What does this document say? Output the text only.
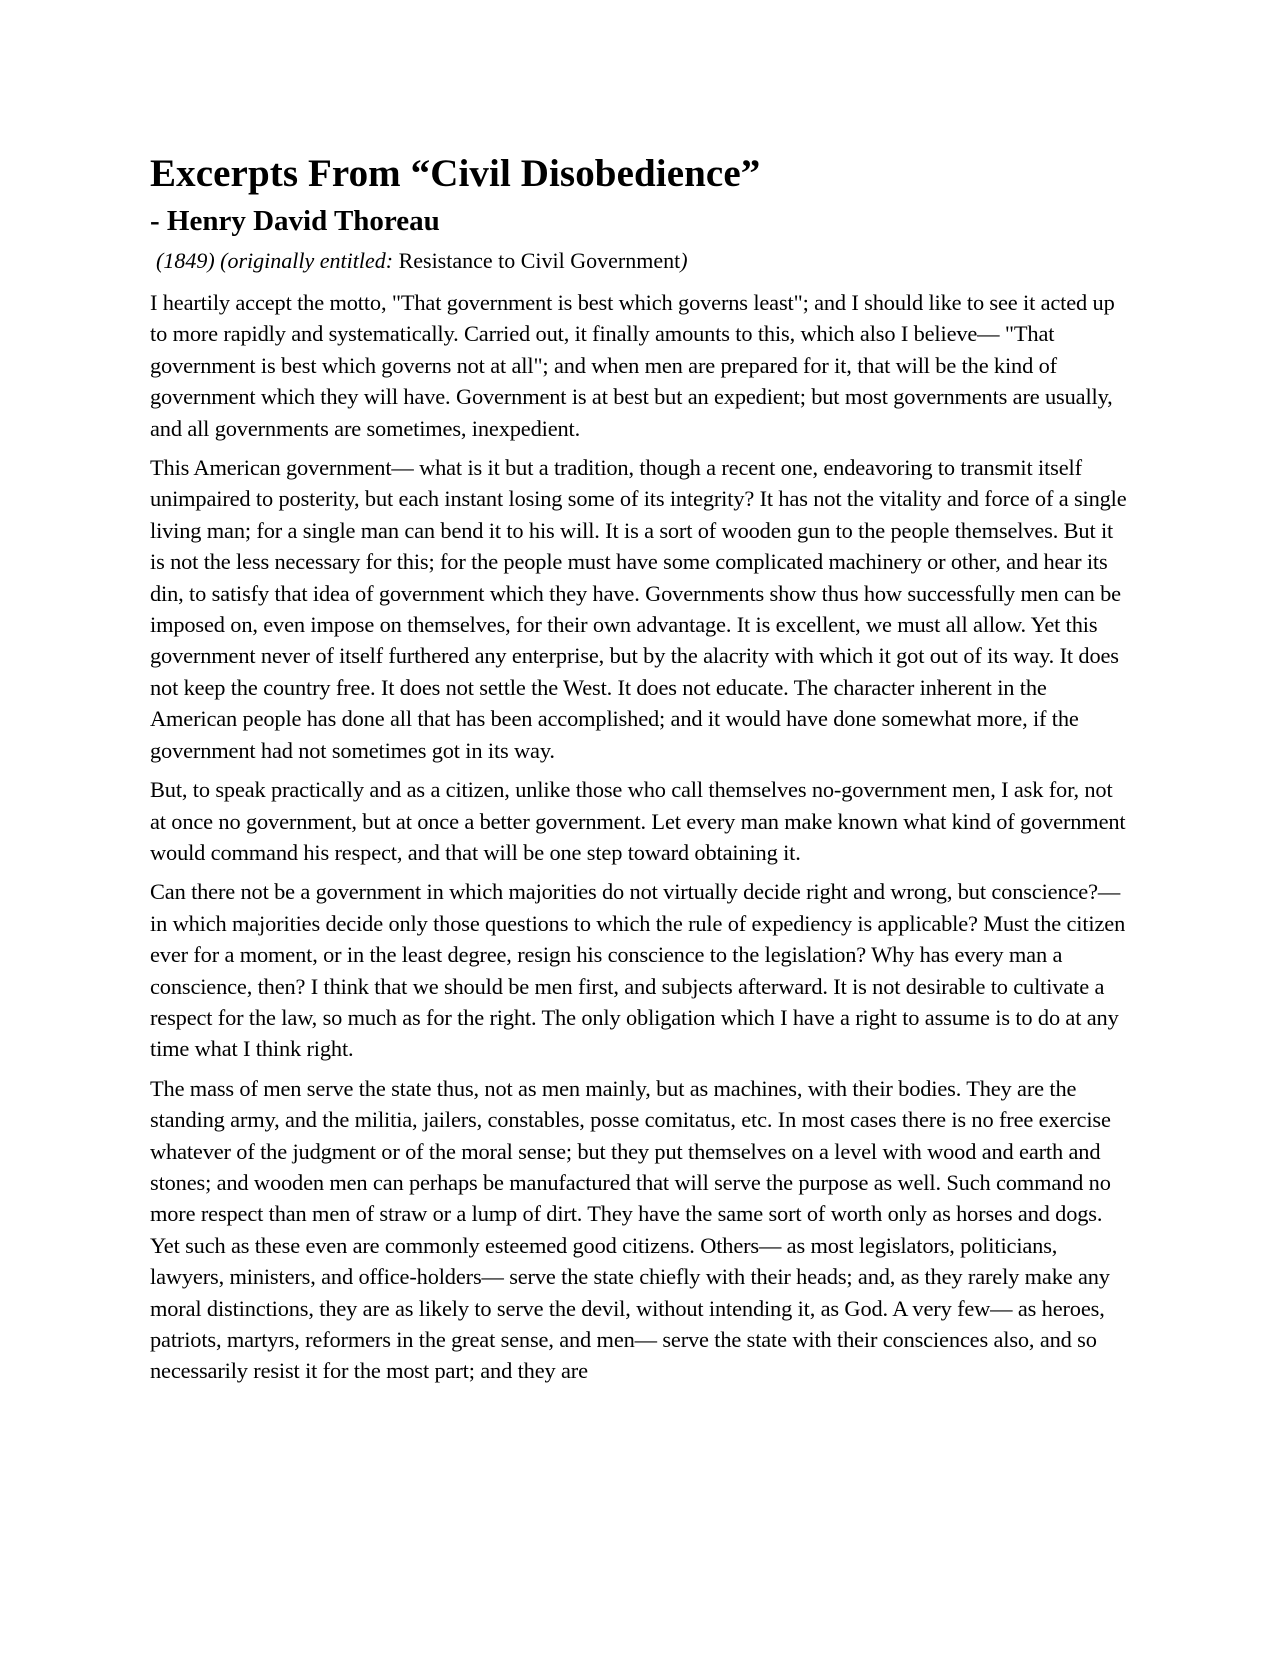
Excerpts From “Civil Disobedience”
- Henry David Thoreau

(1849) (originally entitled: Resistance to Civil Government)

I heartily accept the motto, "That government is best which governs least"; and I should like to see it acted up to more rapidly and systematically. Carried out, it finally amounts to this, which also I believe— "That government is best which governs not at all"; and when men are prepared for it, that will be the kind of government which they will have. Government is at best but an expedient; but most governments are usually, and all governments are sometimes, inexpedient.

This American government— what is it but a tradition, though a recent one, endeavoring to transmit itself unimpaired to posterity, but each instant losing some of its integrity? It has not the vitality and force of a single living man; for a single man can bend it to his will. It is a sort of wooden gun to the people themselves. But it is not the less necessary for this; for the people must have some complicated machinery or other, and hear its din, to satisfy that idea of government which they have. Governments show thus how successfully men can be imposed on, even impose on themselves, for their own advantage. It is excellent, we must all allow. Yet this government never of itself furthered any enterprise, but by the alacrity with which it got out of its way. It does not keep the country free. It does not settle the West. It does not educate. The character inherent in the American people has done all that has been accomplished; and it would have done somewhat more, if the government had not sometimes got in its way.

But, to speak practically and as a citizen, unlike those who call themselves no-government men, I ask for, not at once no government, but at once a better government. Let every man make known what kind of government would command his respect, and that will be one step toward obtaining it.

Can there not be a government in which majorities do not virtually decide right and wrong, but conscience?— in which majorities decide only those questions to which the rule of expediency is applicable? Must the citizen ever for a moment, or in the least degree, resign his conscience to the legislation? Why has every man a conscience, then? I think that we should be men first, and subjects afterward. It is not desirable to cultivate a respect for the law, so much as for the right. The only obligation which I have a right to assume is to do at any time what I think right.

The mass of men serve the state thus, not as men mainly, but as machines, with their bodies. They are the standing army, and the militia, jailers, constables, posse comitatus, etc. In most cases there is no free exercise whatever of the judgment or of the moral sense; but they put themselves on a level with wood and earth and stones; and wooden men can perhaps be manufactured that will serve the purpose as well. Such command no more respect than men of straw or a lump of dirt. They have the same sort of worth only as horses and dogs. Yet such as these even are commonly esteemed good citizens. Others— as most legislators, politicians, lawyers, ministers, and office-holders— serve the state chiefly with their heads; and, as they rarely make any moral distinctions, they are as likely to serve the devil, without intending it, as God. A very few— as heroes, patriots, martyrs, reformers in the great sense, and men— serve the state with their consciences also, and so necessarily resist it for the most part; and they are
